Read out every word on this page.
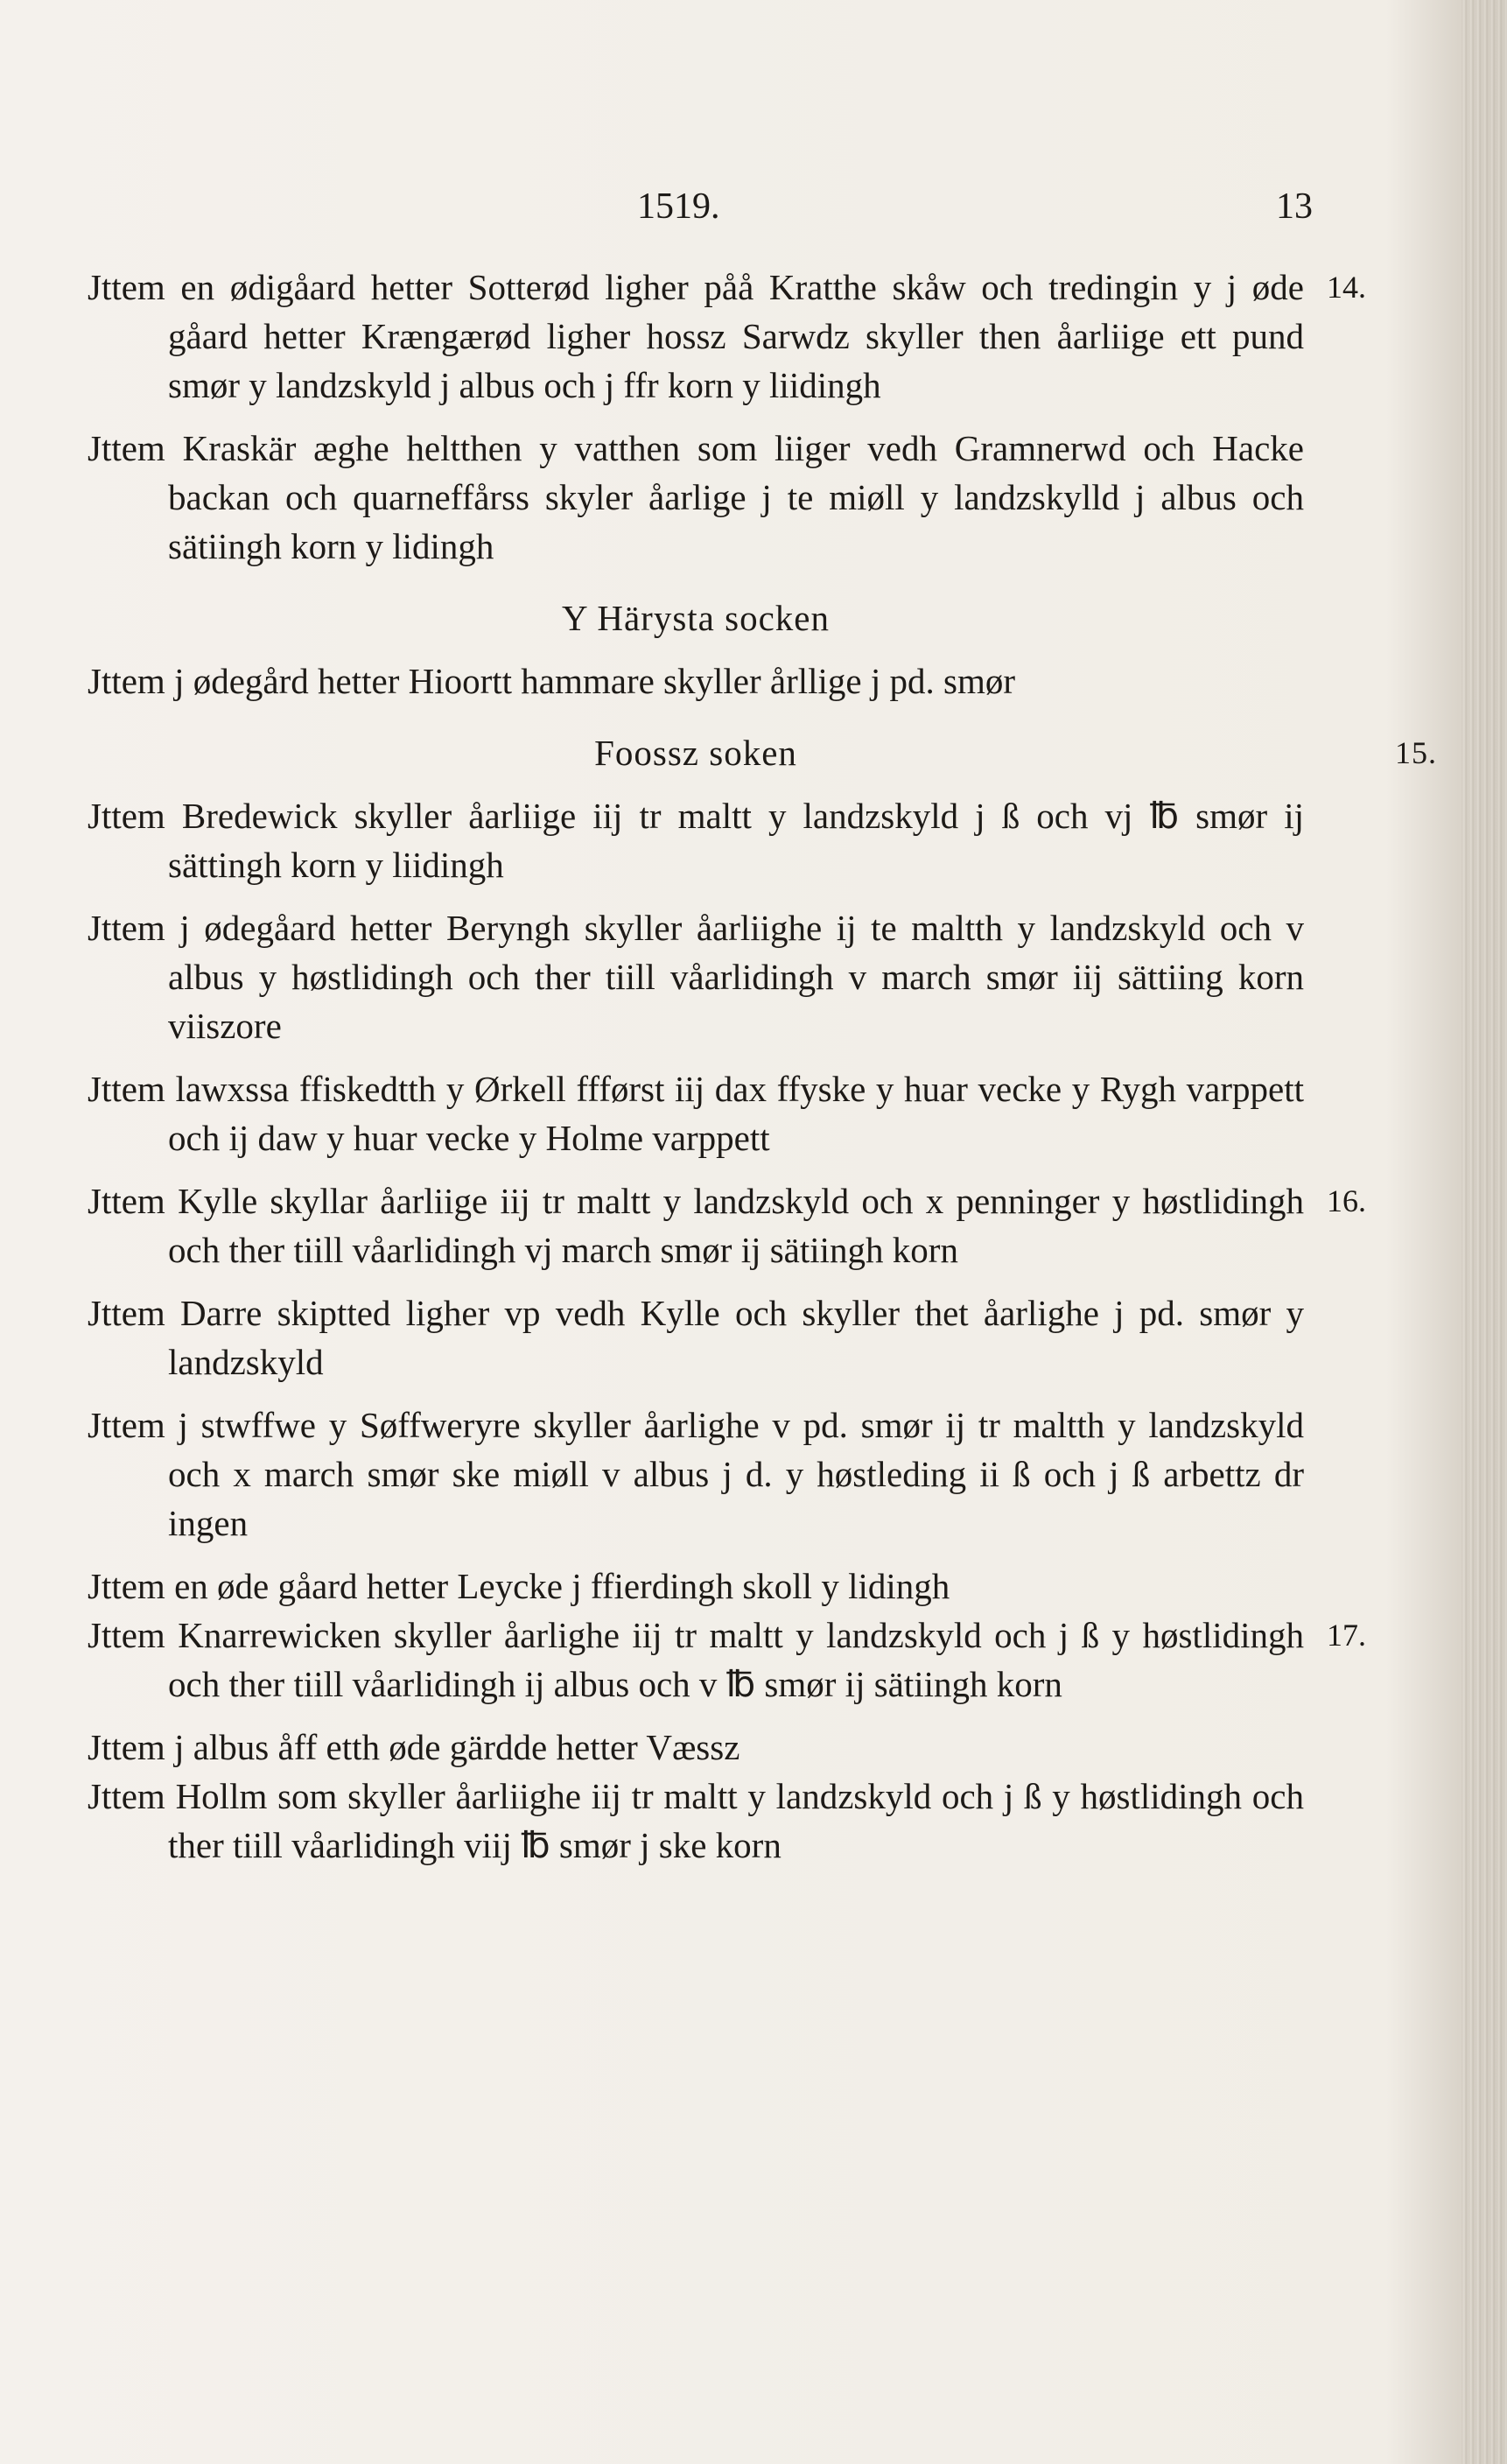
1519.	13
Jttem en ødigåard hetter Sotterød ligher påå Kratthe skåw och tredingin y j øde gåard hetter Krængærød ligher hossz Sarwdz skyller then åarliige ett pund smør y landzskyld j albus och j ffr korn y liidingh
14.
Jttem Kraskär æghe heltthen y vatthen som liiger vedh Gramnerwd och Hacke backan och quarneffårss skyler åarlige j te miøll y landzskylld j albus och sätiingh korn y lidingh
Y Härysta socken
Jttem j ødegård hetter Hioortt hammare skyller årllige j pd. smør
Foossz soken	15.
Jttem Bredewick skyller åarliige iij tr maltt y landzskyld j ß och vj ℔ smør ij sättingh korn y liidingh
Jttem j ødegåard hetter Beryngh skyller åarliighe ij te maltth y landzskyld och v albus y høstlidingh och ther tiill våarlidingh v march smør iij sättiing korn viiszore
Jttem lawxssa ffiskedtth y Ørkell ffførst iij dax ffyske y huar vecke y Rygh varppett och ij daw y huar vecke y Holme varppett
Jttem Kylle skyllar åarliige iij tr maltt y landzskyld och x penninger y høstlidingh och ther tiill våarlidingh vj march smør ij sätiingh korn
16.
Jttem Darre skiptted ligher vp vedh Kylle och skyller thet åarlighe j pd. smør y landzskyld
Jttem j stwffwe y Søffweryre skyller åarlighe v pd. smør ij tr maltth y landzskyld och x march smør ske miøll v albus j d. y høstleding ii ß och j ß arbettz dr ingen
Jttem en øde gåard hetter Leycke j ffierdingh skoll y lidingh
Jttem Knarrewicken skyller åarlighe iij tr maltt y landzskyld och j ß y høstlidingh och ther tiill våarlidingh ij albus och v ℔ smør ij sätiingh korn
17.
Jttem j albus åff etth øde gärdde hetter Væssz
Jttem Hollm som skyller åarliighe iij tr maltt y landzskyld och j ß y høstlidingh och ther tiill våarlidingh viij ℔ smør j ske korn
